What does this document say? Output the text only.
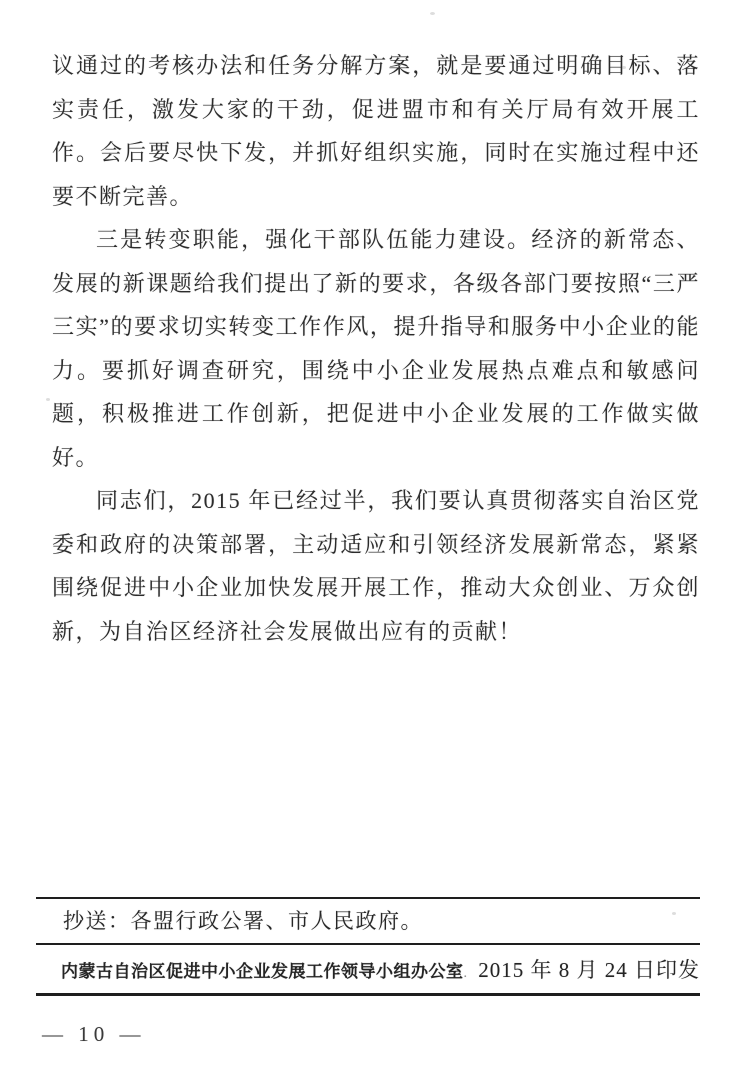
议通过的考核办法和任务分解方案，就是要通过明确目标、落实责任，激发大家的干劲，促进盟市和有关厅局有效开展工作。会后要尽快下发，并抓好组织实施，同时在实施过程中还要不断完善。

三是转变职能，强化干部队伍能力建设。经济的新常态、发展的新课题给我们提出了新的要求，各级各部门要按照“三严三实”的要求切实转变工作作风，提升指导和服务中小企业的能力。要抓好调查研究，围绕中小企业发展热点难点和敏感问题，积极推进工作创新，把促进中小企业发展的工作做实做好。

同志们，2015 年已经过半，我们要认真贯彻落实自治区党委和政府的决策部署，主动适应和引领经济发展新常态，紧紧围绕促进中小企业加快发展开展工作，推动大众创业、万众创新，为自治区经济社会发展做出应有的贡献！

抄送：各盟行政公署、市人民政府。
内蒙古自治区促进中小企业发展工作领导小组办公室. 2015 年 8 月 24 日印发
— 10 —
